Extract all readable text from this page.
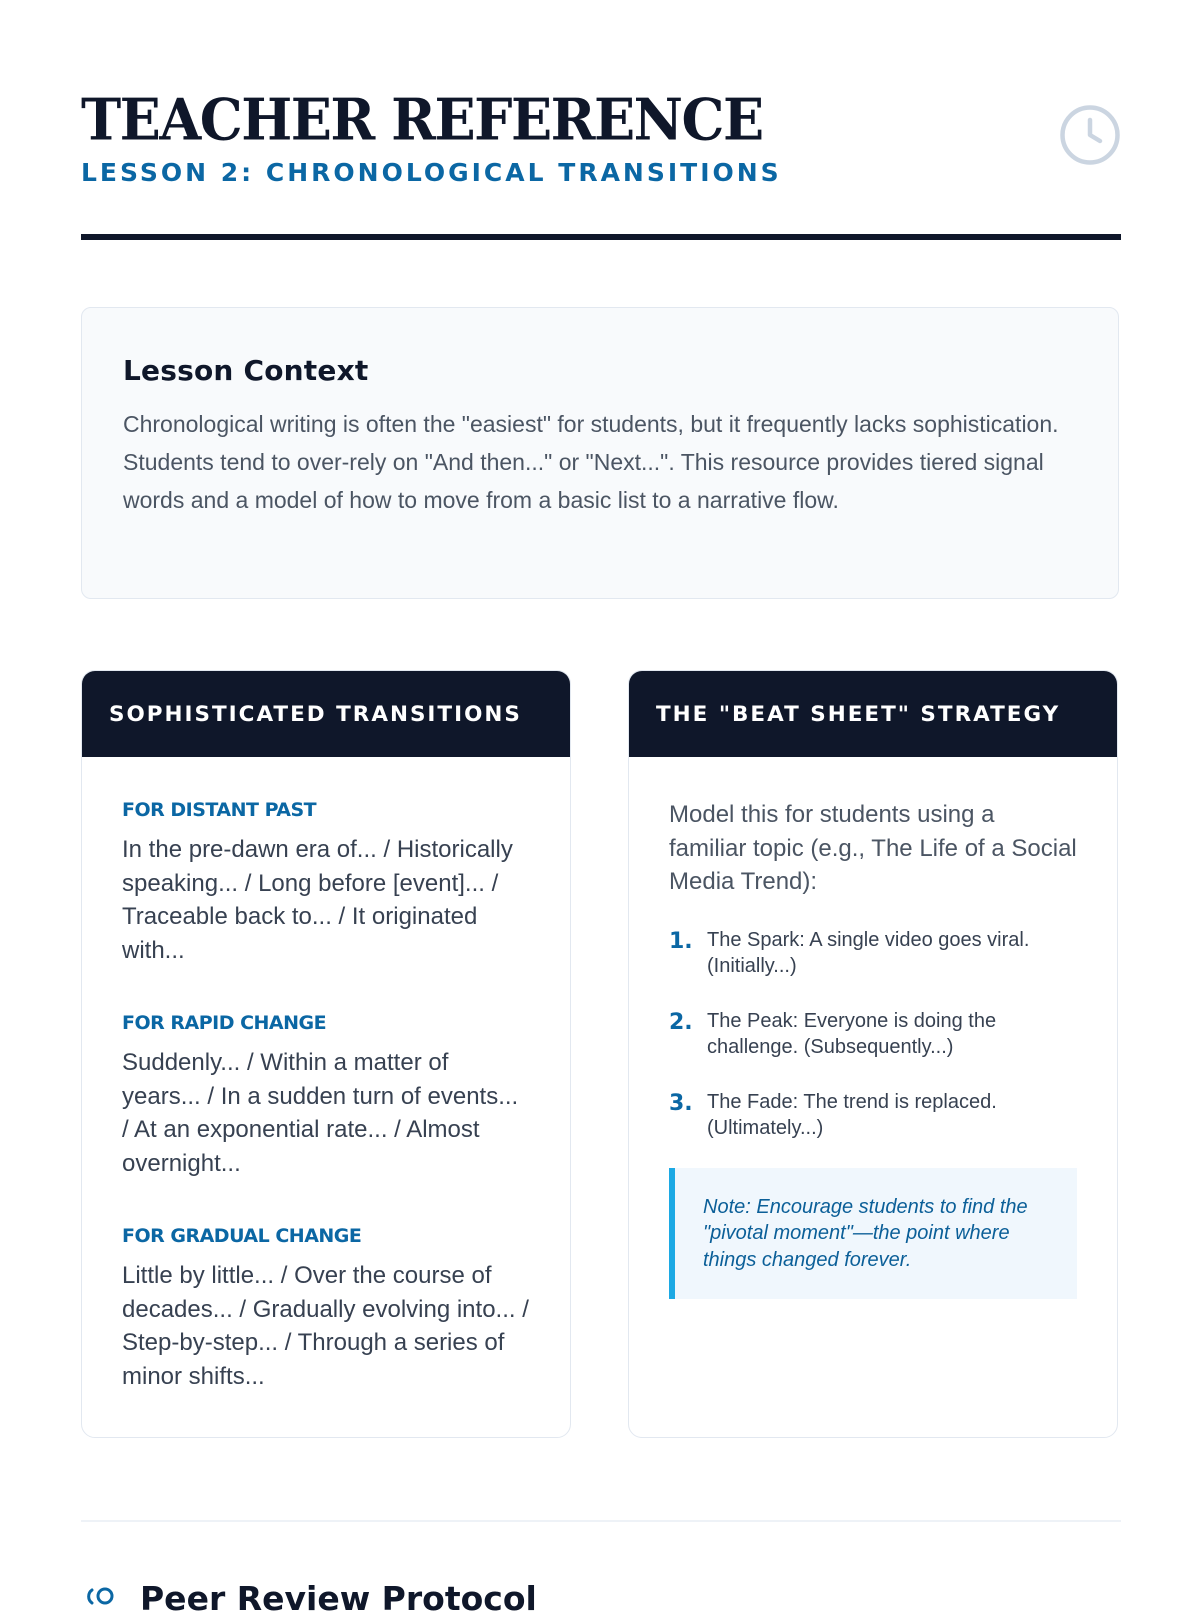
TEACHER REFERENCE
LESSON 2: CHRONOLOGICAL TRANSITIONS
Lesson Context

Chronological writing is often the "easiest" for students, but it frequently lacks sophistication. Students tend to over-rely on "And then..." or "Next...". This resource provides tiered signal words and a model of how to move from a basic list to a narrative flow.

SOPHISTICATED TRANSITIONS
FOR DISTANT PAST

In the pre-dawn era of... / Historically speaking... / Long before [event]... / Traceable back to... / It originated with...

FOR RAPID CHANGE

Suddenly... / Within a matter of years... / In a sudden turn of events... / At an exponential rate... / Almost overnight...

FOR GRADUAL CHANGE

Little by little... / Over the course of decades... / Gradually evolving into... / Step-by-step... / Through a series of minor shifts...

THE "BEAT SHEET" STRATEGY

Model this for students using a familiar topic (e.g., The Life of a Social Media Trend):

1. The Spark: A single video goes viral. (Initially...)
2. The Peak: Everyone is doing the challenge. (Subsequently...)
3. The Fade: The trend is replaced. (Ultimately...)
Note: Encourage students to find the "pivotal moment"—the point where things changed forever.
Peer Review Protocol
